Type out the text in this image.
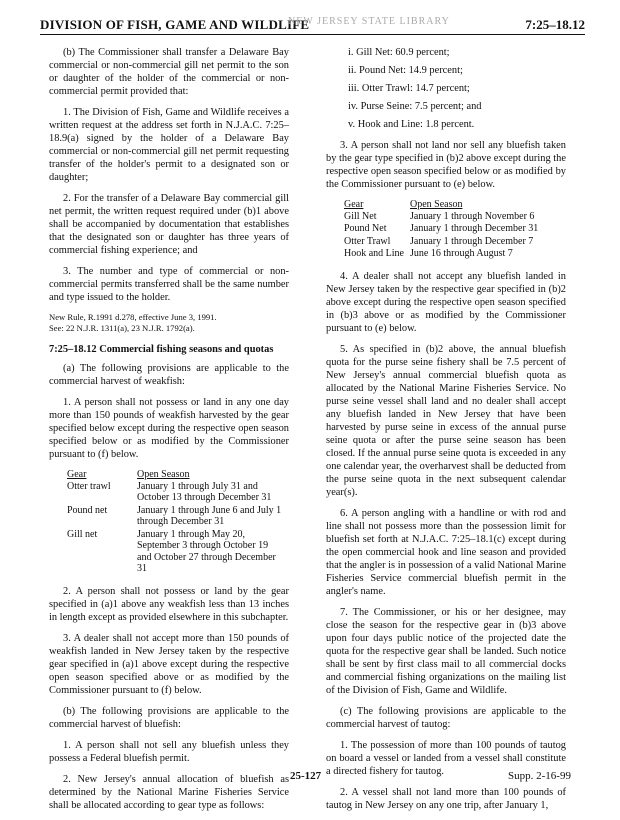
DIVISION OF FISH, GAME AND WILDLIFE
NEW JERSEY STATE LIBRARY	7:25–18.12

(b) The Commissioner shall transfer a Delaware Bay commercial or non-commercial gill net permit to the son or daughter of the holder of the commercial or non-commercial permit provided that:

1. The Division of Fish, Game and Wildlife receives a written request at the address set forth in N.J.A.C. 7:25–18.9(a) signed by the holder of a Delaware Bay commercial or non-commercial gill net permit requesting transfer of the holder's permit to a designated son or daughter;

2. For the transfer of a Delaware Bay commercial gill net permit, the written request required under (b)1 above shall be accompanied by documentation that establishes that the designated son or daughter has three years of commercial fishing experience; and

3. The number and type of commercial or non-commercial permits transferred shall be the same number and type issued to the holder.

New Rule, R.1991 d.278, effective June 3, 1991.
See: 22 N.J.R. 1311(a), 23 N.J.R. 1792(a).

7:25–18.12 Commercial fishing seasons and quotas

(a) The following provisions are applicable to the commercial harvest of weakfish:

1. A person shall not possess or land in any one day more than 150 pounds of weakfish harvested by the gear specified below except during the respective open season specified below or as modified by the Commissioner pursuant to (f) below.

Gear	Open Season
Otter trawl	January 1 through July 31 and October 13 through December 31
Pound net	January 1 through June 6 and July 1 through December 31
Gill net	January 1 through May 20, September 3 through October 19 and October 27 through December 31

2. A person shall not possess or land by the gear specified in (a)1 above any weakfish less than 13 inches in length except as provided elsewhere in this subchapter.

3. A dealer shall not accept more than 150 pounds of weakfish landed in New Jersey taken by the respective gear specified in (a)1 above except during the respective open season specified above or as modified by the Commissioner pursuant to (f) below.

(b) The following provisions are applicable to the commercial harvest of bluefish:

1. A person shall not sell any bluefish unless they possess a Federal bluefish permit.

2. New Jersey's annual allocation of bluefish as determined by the National Marine Fisheries Service shall be allocated according to gear type as follows:

i. Gill Net: 60.9 percent;
ii. Pound Net: 14.9 percent;
iii. Otter Trawl: 14.7 percent;
iv. Purse Seine: 7.5 percent; and
v. Hook and Line: 1.8 percent.

3. A person shall not land nor sell any bluefish taken by the gear type specified in (b)2 above except during the respective open season specified below or as modified by the Commissioner pursuant to (e) below.

Gear	Open Season
Gill Net	January 1 through November 6
Pound Net	January 1 through December 31
Otter Trawl	January 1 through December 7
Hook and Line	June 16 through August 7

4. A dealer shall not accept any bluefish landed in New Jersey taken by the respective gear specified in (b)2 above except during the respective open season specified in (b)3 above or as modified by the Commissioner pursuant to (e) below.

5. As specified in (b)2 above, the annual bluefish quota for the purse seine fishery shall be 7.5 percent of New Jersey's annual commercial bluefish quota as allocated by the National Marine Fisheries Service. No purse seine vessel shall land and no dealer shall accept any bluefish landed in New Jersey that have been harvested by purse seine in excess of the annual purse seine quota or after the purse seine season has been closed. If the annual purse seine quota is exceeded in any one calendar year, the overharvest shall be deducted from the purse seine quota in the next subsequent calendar year(s).

6. A person angling with a handline or with rod and line shall not possess more than the possession limit for bluefish set forth at N.J.A.C. 7:25–18.1(c) except during the open commercial hook and line season and provided that the angler is in possession of a valid National Marine Fisheries Service commercial bluefish permit in the angler's name.

7. The Commissioner, or his or her designee, may close the season for the respective gear in (b)3 above upon four days public notice of the projected date the quota for the respective gear shall be landed. Such notice shall be sent by first class mail to all commercial docks and commercial fishing organizations on the mailing list of the Division of Fish, Game and Wildlife.

(c) The following provisions are applicable to the commercial harvest of tautog:

1. The possession of more than 100 pounds of tautog on board a vessel or landed from a vessel shall constitute a directed fishery for tautog.

2. A vessel shall not land more than 100 pounds of tautog in New Jersey on any one trip, after January 1,

25-127	Supp. 2-16-99
